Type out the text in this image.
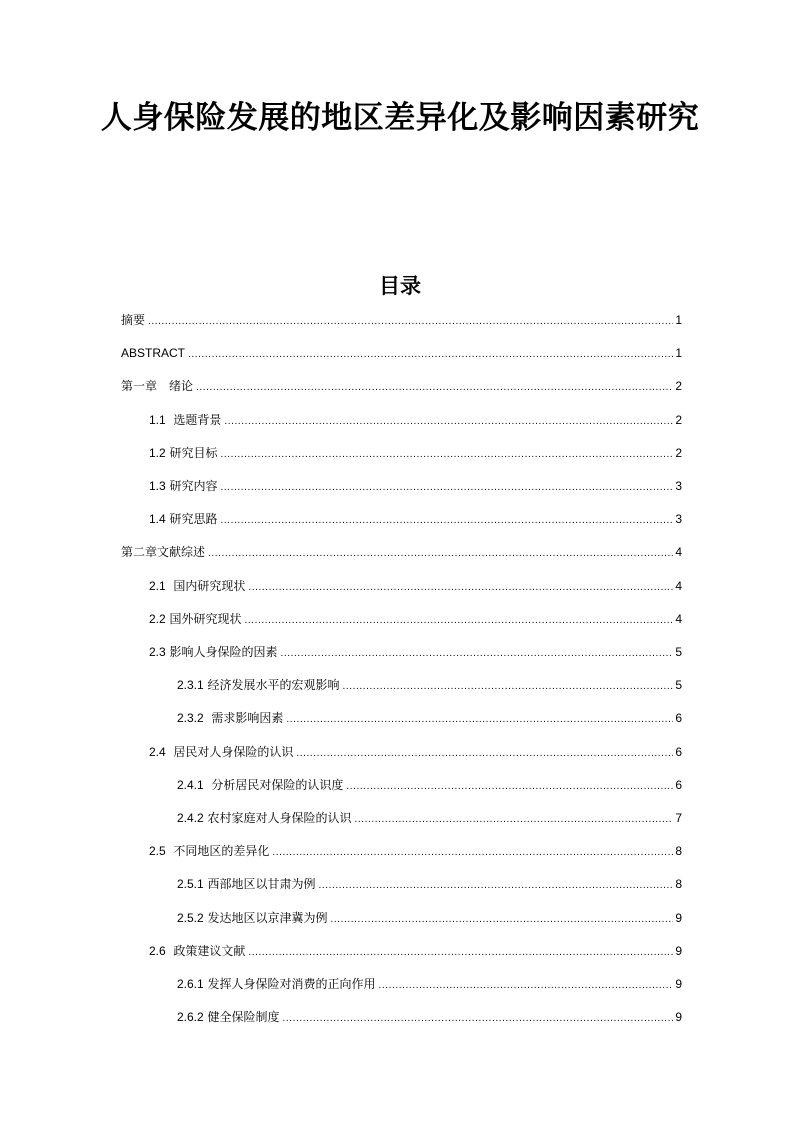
人身保险发展的地区差异化及影响因素研究
目录
摘要 .....	1
ABSTRACT .....	1
第一章　绪论 .....	2
1.1 选题背景 .....	2
1.2 研究目标 .....	2
1.3 研究内容 .....	3
1.4 研究思路 .....	3
第二章文献综述 .....	4
2.1 国内研究现状 .....	4
2.2 国外研究现状 .....	4
2.3 影响人身保险的因素 .....	5
2.3.1 经济发展水平的宏观影响 .....	5
2.3.2 需求影响因素 .....	6
2.4 居民对人身保险的认识 .....	6
2.4.1 分析居民对保险的认识度 .....	6
2.4.2 农村家庭对人身保险的认识 .....	7
2.5 不同地区的差异化 .....	8
2.5.1 西部地区以甘肃为例 .....	8
2.5.2 发达地区以京津冀为例 .....	9
2.6 政策建议文献 .....	9
2.6.1 发挥人身保险对消费的正向作用 .....	9
2.6.2 健全保险制度 .....	9
